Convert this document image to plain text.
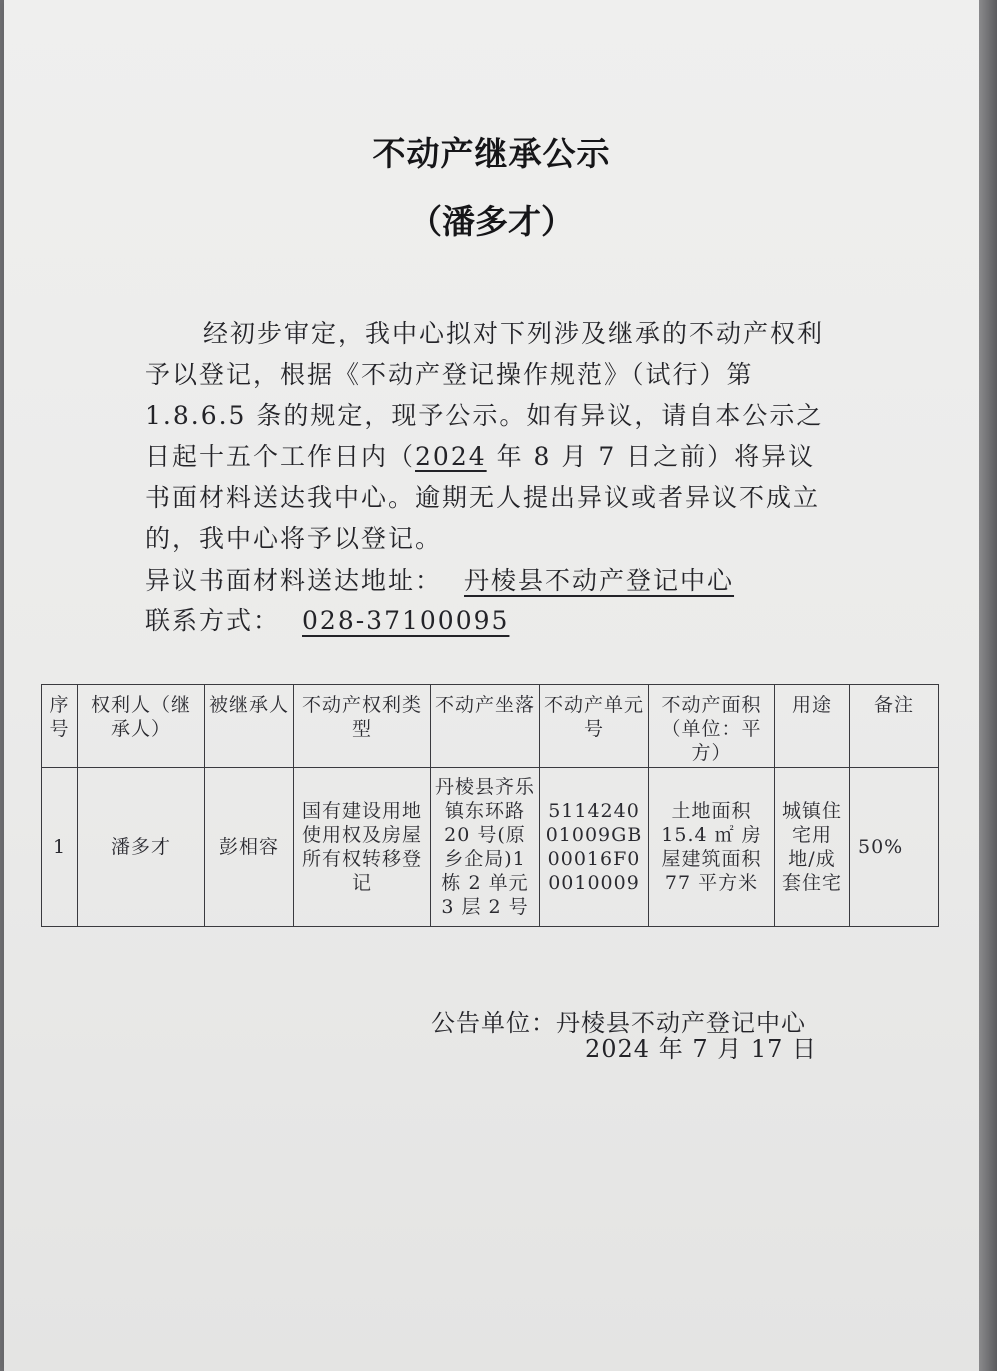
不动产继承公示
（潘多才）
经初步审定，我中心拟对下列涉及继承的不动产权利予以登记，根据《不动产登记操作规范》（试行）第 1.8.6.5 条的规定，现予公示。如有异议，请自本公示之日起十五个工作日内（2024 年 8 月 7 日之前）将异议书面材料送达我中心。逾期无人提出异议或者异议不成立的，我中心将予以登记。
异议书面材料送达地址： 丹棱县不动产登记中心
联系方式： 028-37100095
序号	权利人（继承人）	被继承人	不动产权利类型	不动产坐落	不动产单元号	不动产面积（单位：平方）	用途	备注
1	潘多才	彭相容	国有建设用地使用权及房屋所有权转移登记	丹棱县齐乐镇东环路 20 号(原乡企局)1 栋 2 单元 3 层 2 号	511424001009GB00016F00010009	土地面积 15.4 ㎡ 房屋建筑面积 77 平方米	城镇住宅用地/成套住宅	50%
公告单位：丹棱县不动产登记中心
2024 年 7 月 17 日
